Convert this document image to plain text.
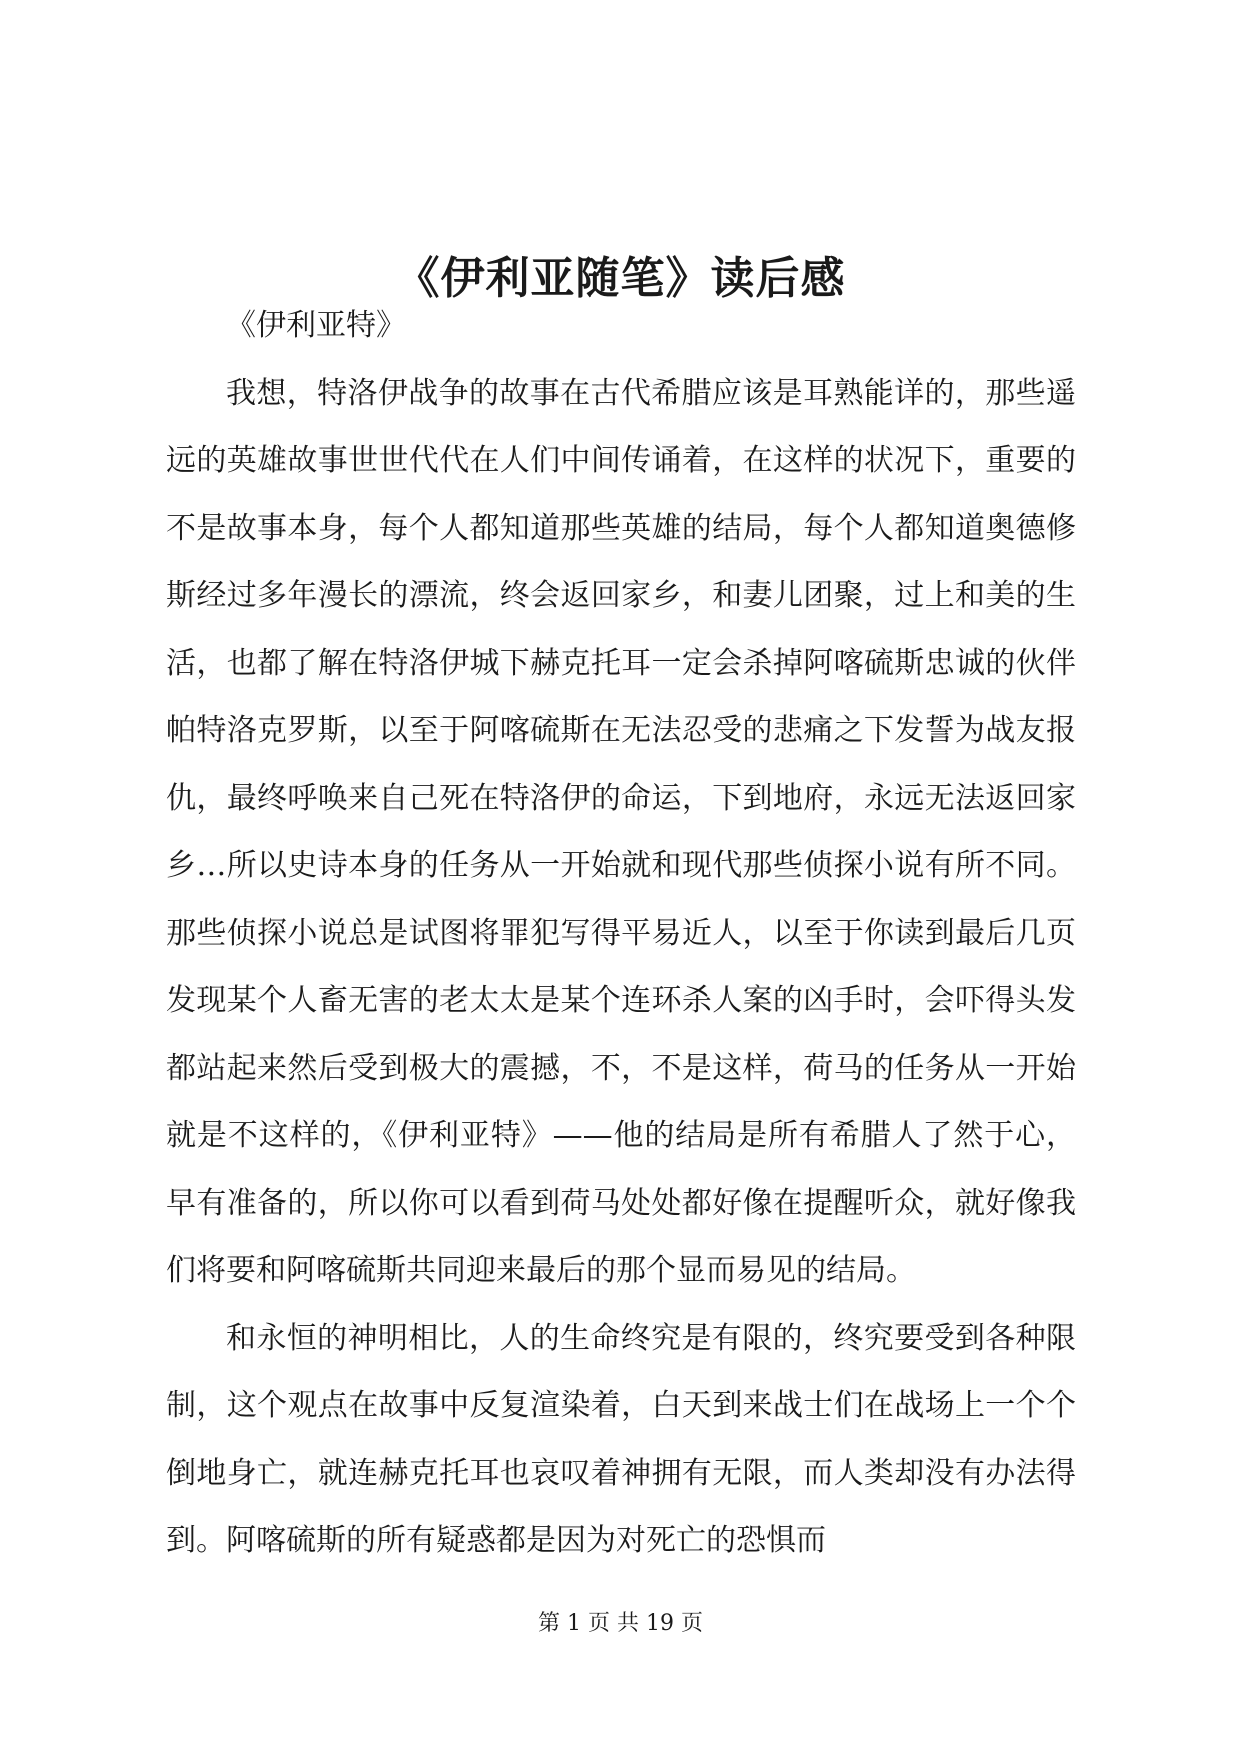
《伊利亚随笔》读后感

《伊利亚特》

我想，特洛伊战争的故事在古代希腊应该是耳熟能详的，那些遥远的英雄故事世世代代在人们中间传诵着，在这样的状况下，重要的不是故事本身，每个人都知道那些英雄的结局，每个人都知道奥德修斯经过多年漫长的漂流，终会返回家乡，和妻儿团聚，过上和美的生活，也都了解在特洛伊城下赫克托耳一定会杀掉阿喀硫斯忠诚的伙伴帕特洛克罗斯，以至于阿喀硫斯在无法忍受的悲痛之下发誓为战友报仇，最终呼唤来自己死在特洛伊的命运，下到地府，永远无法返回家乡…所以史诗本身的任务从一开始就和现代那些侦探小说有所不同。那些侦探小说总是试图将罪犯写得平易近人，以至于你读到最后几页发现某个人畜无害的老太太是某个连环杀人案的凶手时，会吓得头发都站起来然后受到极大的震撼，不，不是这样，荷马的任务从一开始就是不这样的，《伊利亚特》——他的结局是所有希腊人了然于心，早有准备的，所以你可以看到荷马处处都好像在提醒听众，就好像我们将要和阿喀硫斯共同迎来最后的那个显而易见的结局。

和永恒的神明相比，人的生命终究是有限的，终究要受到各种限制，这个观点在故事中反复渲染着，白天到来战士们在战场上一个个倒地身亡，就连赫克托耳也哀叹着神拥有无限，而人类却没有办法得到。阿喀硫斯的所有疑惑都是因为对死亡的恐惧而

第 1 页 共 19 页
